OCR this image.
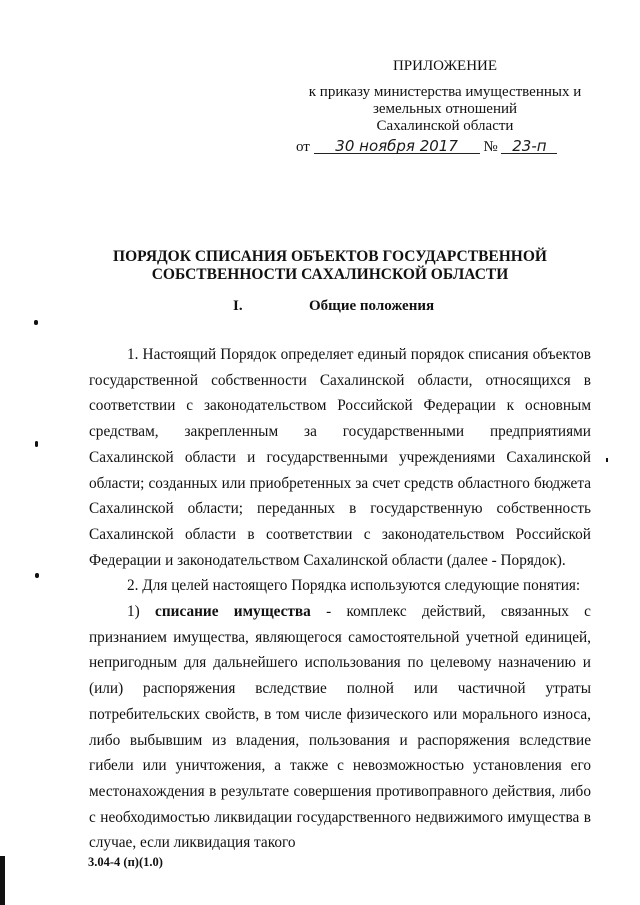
ПРИЛОЖЕНИЕ
к приказу министерства имущественных и
земельных отношений
Сахалинской области
от 30 ноября 2017 № 23-п
ПОРЯДОК СПИСАНИЯ ОБЪЕКТОВ ГОСУДАРСТВЕННОЙ
СОБСТВЕННОСТИ САХАЛИНСКОЙ ОБЛАСТИ
I.	Общие положения

1. Настоящий Порядок определяет единый порядок списания объектов государственной собственности Сахалинской области, относящихся в соответствии с законодательством Российской Федерации к основным средствам, закрепленным за государственными предприятиями Сахалинской области и государственными учреждениями Сахалинской области; созданных или приобретенных за счет средств областного бюджета Сахалинской области; переданных в государственную собственность Сахалинской области в соответствии с законодательством Российской Федерации и законодательством Сахалинской области (далее - Порядок).

2. Для целей настоящего Порядка используются следующие понятия:

1) списание имущества - комплекс действий, связанных с признанием имущества, являющегося самостоятельной учетной единицей, непригодным для дальнейшего использования по целевому назначению и (или) распоряжения вследствие полной или частичной утраты потребительских свойств, в том числе физического или морального износа, либо выбывшим из владения, пользования и распоряжения вследствие гибели или уничтожения, а также с невозможностью установления его местонахождения в результате совершения противоправного действия, либо с необходимостью ликвидации государственного недвижимого имущества в случае, если ликвидация такого

3.04-4 (п)(1.0)
